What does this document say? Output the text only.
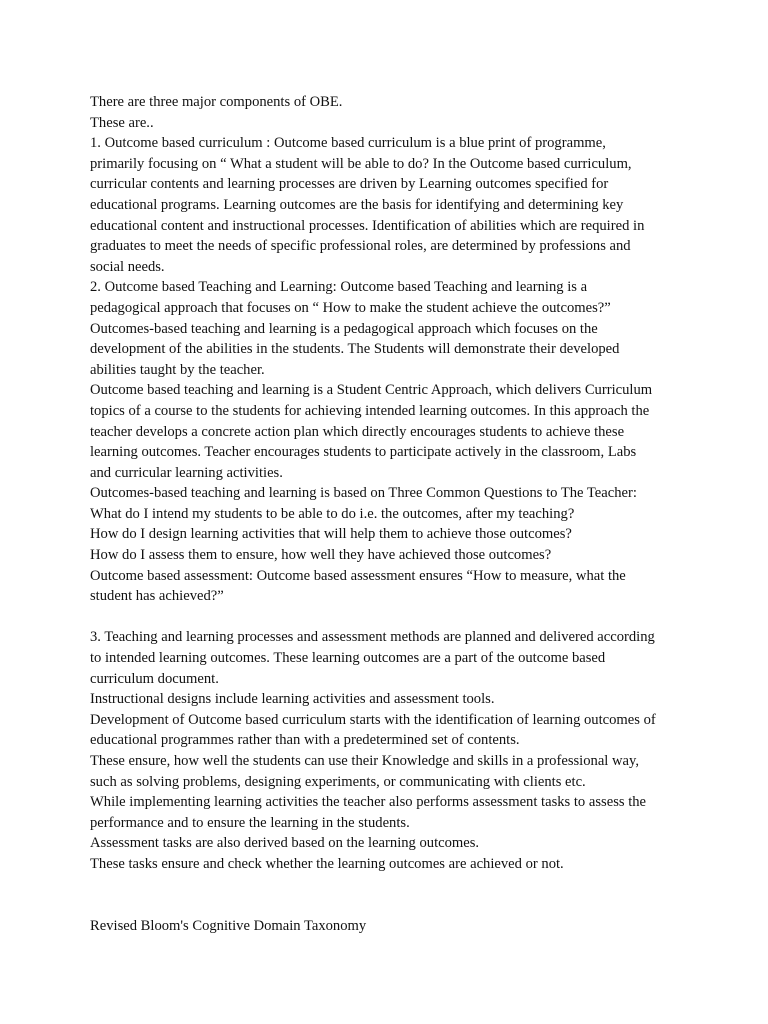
There are three major components of OBE.
These are..
1. Outcome based curriculum : Outcome based curriculum is a blue print of programme,
primarily focusing on “ What a student will be able to do? In the Outcome based curriculum,
curricular contents and learning processes are driven by Learning outcomes specified for
educational programs. Learning outcomes are the basis for identifying and determining key
educational content and instructional processes. Identification of abilities which are required in
graduates to meet the needs of specific professional roles, are determined by professions and
social needs.
2. Outcome based Teaching and Learning: Outcome based Teaching and learning is a
pedagogical approach that focuses on “ How to make the student achieve the outcomes?”
Outcomes-based teaching and learning is a pedagogical approach which focuses on the
development of the abilities in the students. The Students will demonstrate their developed
abilities taught by the teacher.
Outcome based teaching and learning is a Student Centric Approach, which delivers Curriculum
topics of a course to the students for achieving intended learning outcomes. In this approach the
teacher develops a concrete action plan which directly encourages students to achieve these
learning outcomes. Teacher encourages students to participate actively in the classroom, Labs
and curricular learning activities.
Outcomes-based teaching and learning is based on Three Common Questions to The Teacher:
What do I intend my students to be able to do i.e. the outcomes, after my teaching?
How do I design learning activities that will help them to achieve those outcomes?
How do I assess them to ensure, how well they have achieved those outcomes?
Outcome based assessment: Outcome based assessment ensures “How to measure, what the
student has achieved?”
3. Teaching and learning processes and assessment methods are planned and delivered according
to intended learning outcomes. These learning outcomes are a part of the outcome based
curriculum document.
Instructional designs include learning activities and assessment tools.
Development of Outcome based curriculum starts with the identification of learning outcomes of
educational programmes rather than with a predetermined set of contents.
These ensure, how well the students can use their Knowledge and skills in a professional way,
such as solving problems, designing experiments, or communicating with clients etc.
While implementing learning activities the teacher also performs assessment tasks to assess the
performance and to ensure the learning in the students.
Assessment tasks are also derived based on the learning outcomes.
These tasks ensure and check whether the learning outcomes are achieved or not.
Revised Bloom's Cognitive Domain Taxonomy
